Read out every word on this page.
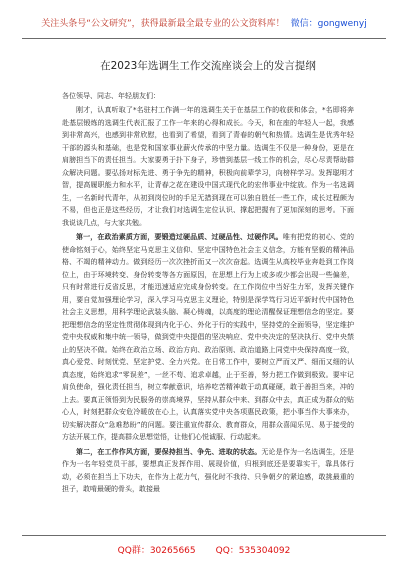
关注头条号“公文研究”，获得最新最全最专业的公文资料库！ 微信：gongwenyj
在2023年选调生工作交流座谈会上的发言提纲

各位领导、同志、年轻朋友们：

刚才，认真听取了*名驻村工作满一年的选调生关于在基层工作的收获和体会，*名即将奔赴基层锻炼的选调生代表汇报了工作一年来的心得和成长。今天，和在座的年轻人一起，我感到非常高兴，也感到非常欣慰，也看到了希望，看到了青春的朝气和热情。选调生是优秀年轻干部的源头和基础，也是党和国家事业薪火传承的中坚力量。选调生不仅是一种身份，更是在肩膀担当下的责任担当。大家要勇于扑下身子，珍惜到基层一线工作的机会，尽心尽责帮助群众解决问题。要弘扬对标先进、勇于争先的精神，积极向前辈学习，向榜样学习。发挥聪明才智，提高履职能力和水平，让青春之花在建设中国式现代化的宏伟事业中绽放。作为一名选调生，一名新时代青年，从初到岗位时的手足无措到现在可以独自胜任一些工作，成长过程颇为不易，但也正是这些经历，才让我们对选调生定位认识、撑起把握有了更加深刻的思考。下面我说谈几点，与大家共勉。

第一，在政治素质方面，要锻造过硬品质、过硬品性、过硬作风。唯有把党的初心、党的使命铭刻于心，始终坚定马克思主义信仰、坚定中国特色社会主义信念，方能有坚毅的精神品格、不竭的精神动力。做到经历一次次挫折而又一次次奋起。选调生从高校毕业奔赴到工作岗位上，由于环境转变、身份转变等各方面原因，在思想上行为上或多或少都会出现一些偏差，只有时常进行反省反思，才能迅速适应完成身份转变。在工作岗位中当好生力军，发挥关键作用，要自觉加强理论学习，深入学习马克思主义理论，特别是深学笃行习近平新时代中国特色社会主义思想，用科学理论武装头脑、凝心铸魂，以高度的理论清醒保证理想信念的坚定。要把理想信念的坚定性贯彻体现到内化于心、外化于行的实践中，坚持党的全面领导，坚定维护党中央权威和集中统一领导，做到党中央提倡的坚决响应、党中央决定的坚决执行、党中央禁止的坚决不做。始终在政治立场、政治方向、政治原则、政治道路上同党中央保持高度一致，真心爱党、时刻忧党、坚定护党、全力兴党。在日常工作中，要树立严而又严、细而又细的认真态度，始终追求“零误差”，一丝不苟、追求卓越，止于至善，努力把工作做到极致。要牢记肩负使命，强化责任担当，树立奉献意识，培养吃苦精神敢于动真碰硬，敢于善担当来，冲的上去。要真正领悟到为民服务的崇高境界，坚持从群众中来、到群众中去，真正成为群众的贴心人，时刻把群众安危冷暖放在心上，认真落实党中央各项惠民政策，把小事当作大事来办，切实解决群众“急难愁盼”的问题。要注重宣传群众、教育群众，用群众喜闻乐见、易于接受的方法开展工作，提高群众思想觉悟，让他们心悦诚服、行动起来。

第二，在工作作风方面，要保持担当、争先、进取的状态。无论是作为一名选调生，还是作为一名年轻党员干部，要想真正发挥作用、展现价值，归根到底还是要靠实干，靠具体行动，必须在担当上下功夫，在作为上花力气，强化时不我待、只争朝夕的紧迫感，敢挑最重的担子，敢啃最硬的骨头，敢接最

QQ群：30265665 QQ：535304092
